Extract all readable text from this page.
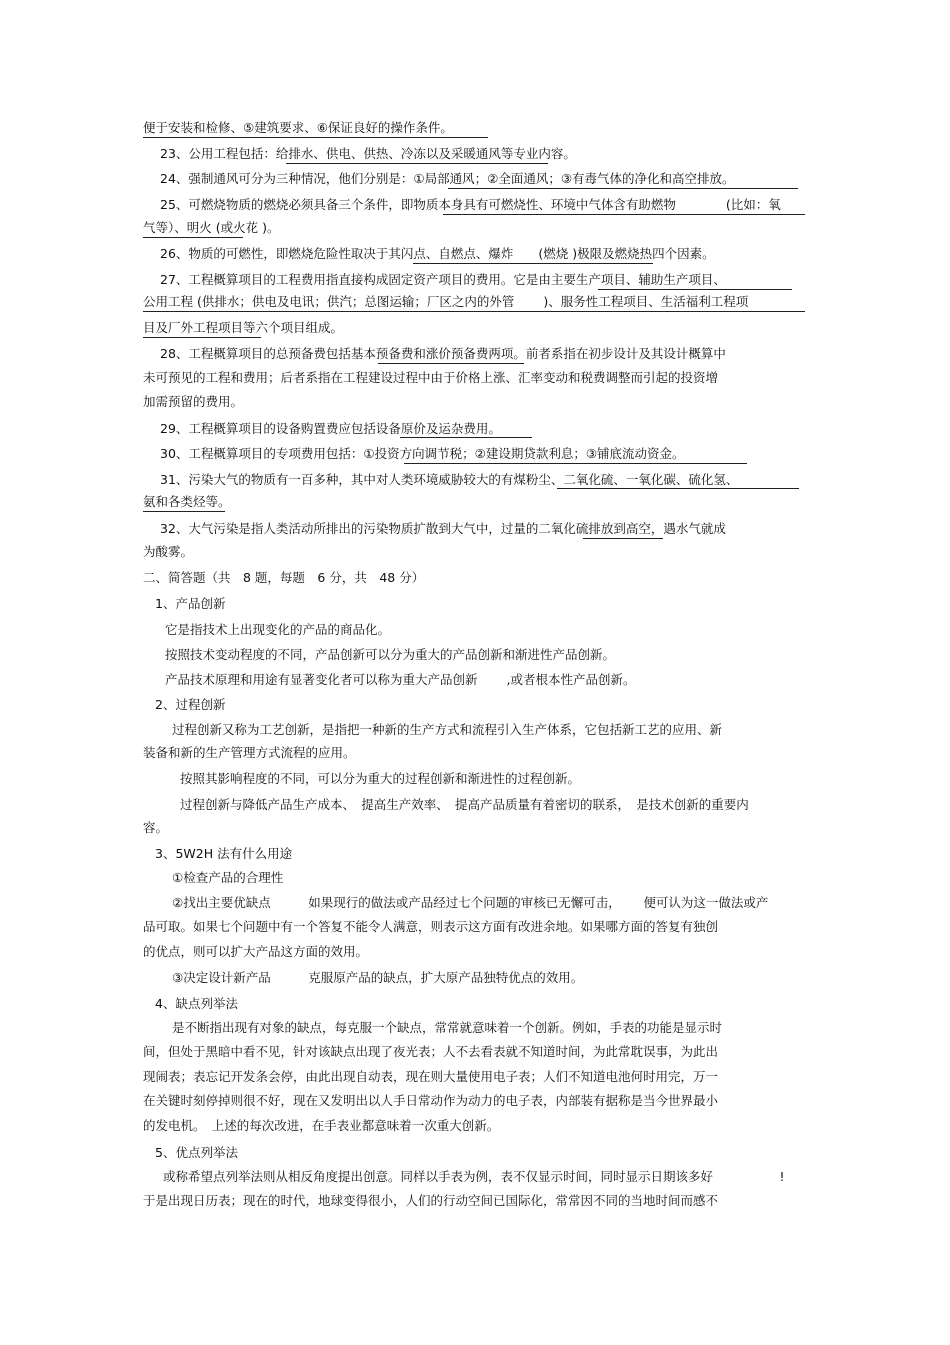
便于安装和检修、⑤建筑要求、⑥保证良好的操作条件。
23、公用工程包括：给排水、供电、供热、冷冻以及采暖通风等专业内容。
24、强制通风可分为三种情况，他们分别是：①局部通风；②全面通风；③有毒气体的净化和高空排放。
25、可燃烧物质的燃烧必须具备三个条件，即物质本身具有可燃烧性、环境中气体含有助燃物　　　　(比如：氧
气等）、明火 (或火花 )。
26、物质的可燃性，即燃烧危险性取决于其闪点、自燃点、爆炸　　(燃烧 )极限及燃烧热四个因素。
27、工程概算项目的工程费用指直接构成固定资产项目的费用。它是由主要生产项目、辅助生产项目、
公用工程 (供排水；供电及电讯；供汽；总图运输；厂区之内的外管　　 )、服务性工程项目、生活福利工程项
目及厂外工程项目等六个项目组成。
28、工程概算项目的总预备费包括基本预备费和涨价预备费两项。前者系指在初步设计及其设计概算中
未可预见的工程和费用；后者系指在工程建设过程中由于价格上涨、汇率变动和税费调整而引起的投资增
加需预留的费用。
29、工程概算项目的设备购置费应包括设备原价及运杂费用。
30、工程概算项目的专项费用包括：①投资方向调节税；②建设期贷款利息；③铺底流动资金。
31、污染大气的物质有一百多种，其中对人类环境威胁较大的有煤粉尘、二氧化硫、一氧化碳、硫化氢、
氨和各类烃等。
32、大气污染是指人类活动所排出的污染物质扩散到大气中，过量的二氧化硫排放到高空，遇水气就成
为酸雾。
二、简答题（共　8 题，每题　6 分，共　48 分）
1、产品创新
它是指技术上出现变化的产品的商品化。
按照技术变动程度的不同，产品创新可以分为重大的产品创新和渐进性产品创新。
产品技术原理和用途有显著变化者可以称为重大产品创新　　 ,或者根本性产品创新。
2、过程创新
过程创新又称为工艺创新，是指把一种新的生产方式和流程引入生产体系，它包括新工艺的应用、新
装备和新的生产管理方式流程的应用。
按照其影响程度的不同，可以分为重大的过程创新和渐进性的过程创新。
过程创新与降低产品生产成本、　提高生产效率、　提高产品质量有着密切的联系，　是技术创新的重要内
容。
3、5W2H 法有什么用途
①检查产品的合理性
②找出主要优缺点　　　如果现行的做法或产品经过七个问题的审核已无懈可击，　　 便可认为这一做法或产
品可取。如果七个问题中有一个答复不能令人满意，则表示这方面有改进余地。如果哪方面的答复有独创
的优点，则可以扩大产品这方面的效用。
③决定设计新产品　　　克服原产品的缺点，扩大原产品独特优点的效用。
4、缺点列举法
是不断指出现有对象的缺点，每克服一个缺点，常常就意味着一个创新。例如，手表的功能是显示时
间，但处于黑暗中看不见，针对该缺点出现了夜光表；人不去看表就不知道时间，为此常耽误事，为此出
现闹表；表忘记开发条会停，由此出现自动表，现在则大量使用电子表；人们不知道电池何时用完，万一
在关键时刻停掉则很不好，现在又发明出以人手日常动作为动力的电子表，内部装有据称是当今世界最小
的发电机。　上述的每次改进，在手表业都意味着一次重大创新。
5、优点列举法
或称希望点列举法则从相反角度提出创意。同样以手表为例，表不仅显示时间，同时显示日期该多好　　　　　 !
于是出现日历表；现在的时代，地球变得很小，人们的行动空间已国际化，常常因不同的当地时间而感不
